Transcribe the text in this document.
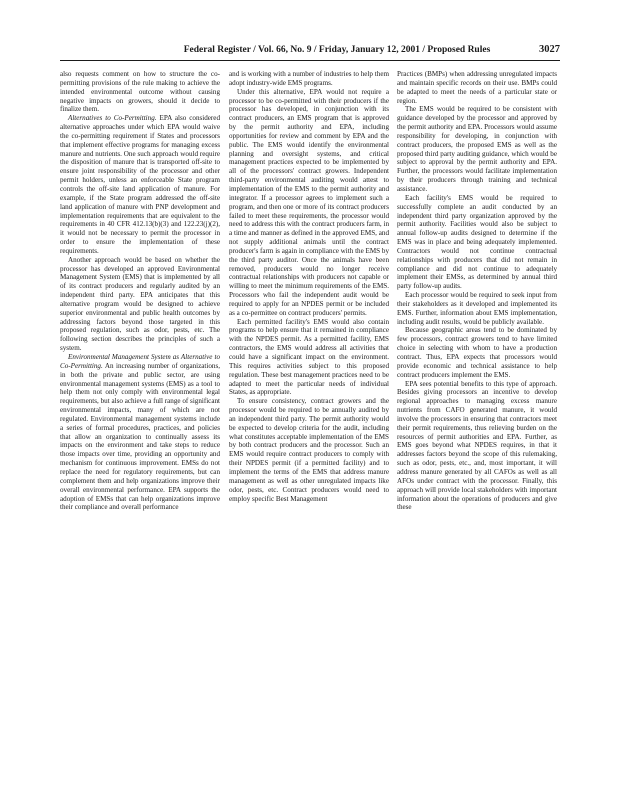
Federal Register / Vol. 66, No. 9 / Friday, January 12, 2001 / Proposed Rules	3027

also requests comment on how to structure the co-permitting provisions of the rule making to achieve the intended environmental outcome without causing negative impacts on growers, should it decide to finalize them.

Alternatives to Co-Permitting. EPA also considered alternative approaches under which EPA would waive the co-permitting requirement if States and processors that implement effective programs for managing excess manure and nutrients. One such approach would require the disposition of manure that is transported off-site to ensure joint responsibility of the processor and other permit holders, unless an enforceable State program controls the off-site land application of manure. For example, if the State program addressed the off-site land application of manure with PNP development and implementation requirements that are equivalent to the requirements in 40 CFR 412.13(b)(3) and 122.23(j)(2), it would not be necessary to permit the processor in order to ensure the implementation of these requirements.

Another approach would be based on whether the processor has developed an approved Environmental Management System (EMS) that is implemented by all of its contract producers and regularly audited by an independent third party. EPA anticipates that this alternative program would be designed to achieve superior environmental and public health outcomes by addressing factors beyond those targeted in this proposed regulation, such as odor, pests, etc. The following section describes the principles of such a system.

Environmental Management System as Alternative to Co-Permitting. An increasing number of organizations, in both the private and public sector, are using environmental management systems (EMS) as a tool to help them not only comply with environmental legal requirements, but also achieve a full range of significant environmental impacts, many of which are not regulated. Environmental management systems include a series of formal procedures, practices, and policies that allow an organization to continually assess its impacts on the environment and take steps to reduce those impacts over time, providing an opportunity and mechanism for continuous improvement. EMSs do not replace the need for regulatory requirements, but can complement them and help organizations improve their overall environmental performance. EPA supports the adoption of EMSs that can help organizations improve their compliance and overall performance

and is working with a number of industries to help them adopt industry-wide EMS programs.

Under this alternative, EPA would not require a processor to be co-permitted with their producers if the processor has developed, in conjunction with its contract producers, an EMS program that is approved by the permit authority and EPA, including opportunities for review and comment by EPA and the public. The EMS would identify the environmental planning and oversight systems, and critical management practices expected to be implemented by all of the processors' contract growers. Independent third-party environmental auditing would attest to implementation of the EMS to the permit authority and integrator. If a processor agrees to implement such a program, and then one or more of its contract producers failed to meet these requirements, the processor would need to address this with the contract producers farm, in a time and manner as defined in the approved EMS, and not supply additional animals until the contract producer's farm is again in compliance with the EMS by the third party auditor. Once the animals have been removed, producers would no longer receive contractual relationships with producers not capable or willing to meet the minimum requirements of the EMS. Processors who fail the independent audit would be required to apply for an NPDES permit or be included as a co-permittee on contract producers' permits.

Each permitted facility's EMS would also contain programs to help ensure that it remained in compliance with the NPDES permit. As a permitted facility, EMS contractors, the EMS would address all activities that could have a significant impact on the environment. This requires activities subject to this proposed regulation. These best management practices need to be adapted to meet the particular needs of individual States, as appropriate.

To ensure consistency, contract growers and the processor would be required to be annually audited by an independent third party. The permit authority would be expected to develop criteria for the audit, including what constitutes acceptable implementation of the EMS by both contract producers and the processor. Such an EMS would require contract producers to comply with their NPDES permit (if a permitted facility) and to implement the terms of the EMS that address manure management as well as other unregulated impacts like odor, pests, etc. Contract producers would need to employ specific Best Management

Practices (BMPs) when addressing unregulated impacts and maintain specific records on their use. BMPs could be adapted to meet the needs of a particular state or region.

The EMS would be required to be consistent with guidance developed by the processor and approved by the permit authority and EPA. Processors would assume responsibility for developing, in conjunction with contract producers, the proposed EMS as well as the proposed third party auditing guidance, which would be subject to approval by the permit authority and EPA. Further, the processors would facilitate implementation by their producers through training and technical assistance.

Each facility's EMS would be required to successfully complete an audit conducted by an independent third party organization approved by the permit authority. Facilities would also be subject to annual follow-up audits designed to determine if the EMS was in place and being adequately implemented. Contractors would not continue contractual relationships with producers that did not remain in compliance and did not continue to adequately implement their EMSs, as determined by annual third party follow-up audits.

Each processor would be required to seek input from their stakeholders as it developed and implemented its EMS. Further, information about EMS implementation, including audit results, would be publicly available.

Because geographic areas tend to be dominated by few processors, contract growers tend to have limited choice in selecting with whom to have a production contract. Thus, EPA expects that processors would provide economic and technical assistance to help contract producers implement the EMS.

EPA sees potential benefits to this type of approach. Besides giving processors an incentive to develop regional approaches to managing excess manure nutrients from CAFO generated manure, it would involve the processors in ensuring that contractors meet their permit requirements, thus relieving burden on the resources of permit authorities and EPA. Further, as EMS goes beyond what NPDES requires, in that it addresses factors beyond the scope of this rulemaking, such as odor, pests, etc., and, most important, it will address manure generated by all CAFOs as well as all AFOs under contract with the processor. Finally, this approach will provide local stakeholders with important information about the operations of producers and give these
